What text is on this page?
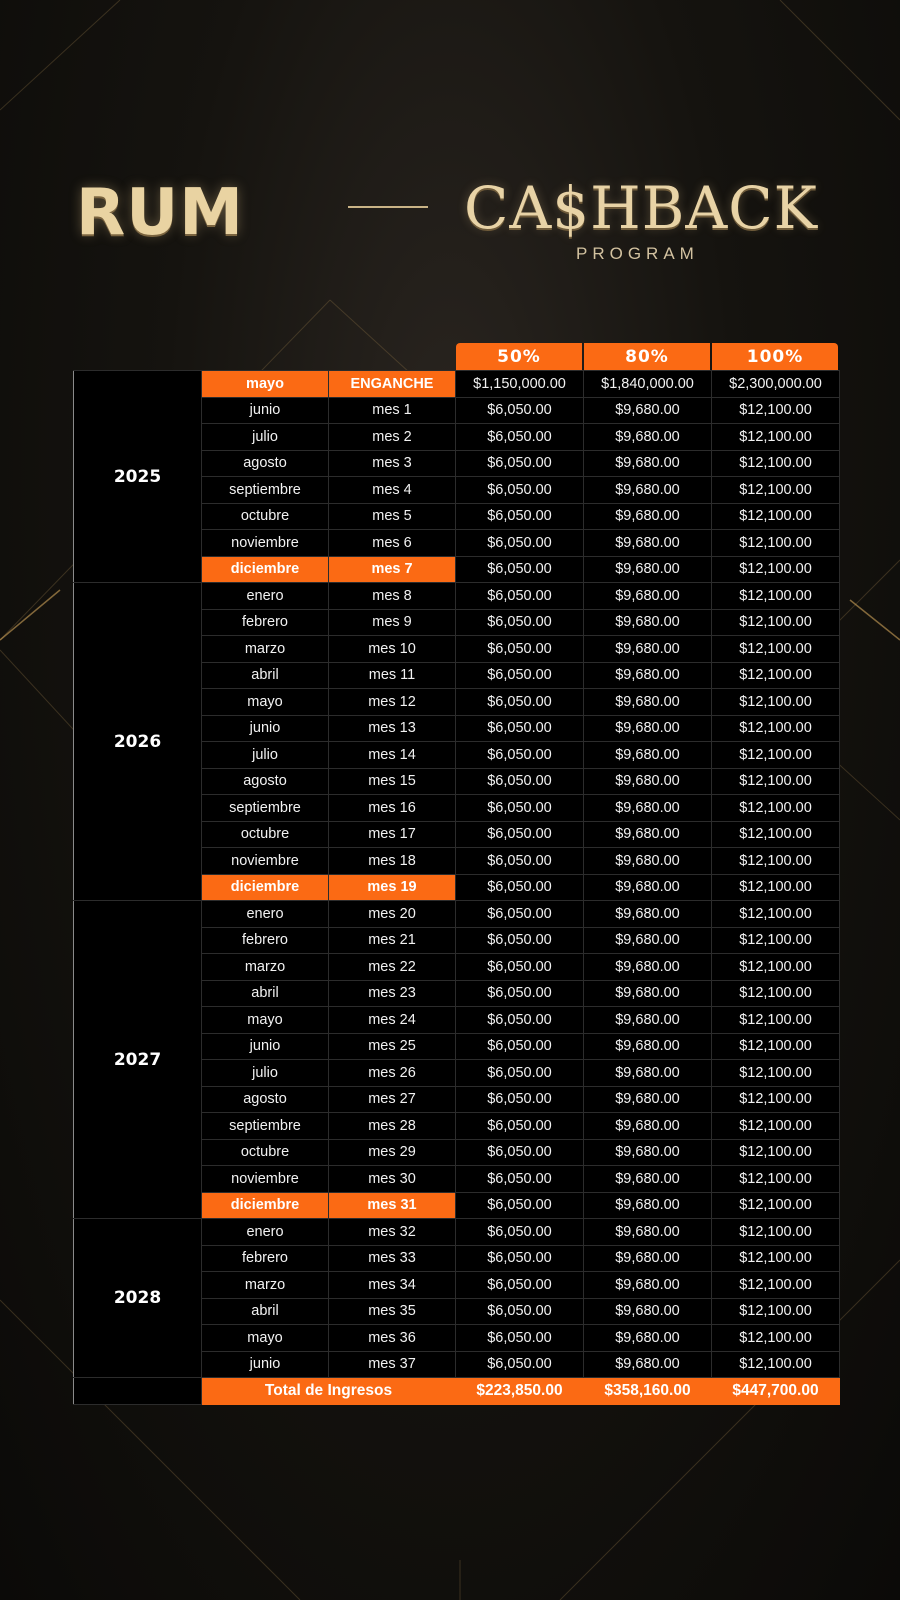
RUM	CA$HBACK
PROGRAM
50%	80%	100%
2025	mayo	ENGANCHE	$1,150,000.00	$1,840,000.00	$2,300,000.00
	junio	mes 1	$6,050.00	$9,680.00	$12,100.00
	julio	mes 2	$6,050.00	$9,680.00	$12,100.00
	agosto	mes 3	$6,050.00	$9,680.00	$12,100.00
	septiembre	mes 4	$6,050.00	$9,680.00	$12,100.00
	octubre	mes 5	$6,050.00	$9,680.00	$12,100.00
	noviembre	mes 6	$6,050.00	$9,680.00	$12,100.00
	diciembre	mes 7	$6,050.00	$9,680.00	$12,100.00
2026	enero	mes 8	$6,050.00	$9,680.00	$12,100.00
	febrero	mes 9	$6,050.00	$9,680.00	$12,100.00
	marzo	mes 10	$6,050.00	$9,680.00	$12,100.00
	abril	mes 11	$6,050.00	$9,680.00	$12,100.00
	mayo	mes 12	$6,050.00	$9,680.00	$12,100.00
	junio	mes 13	$6,050.00	$9,680.00	$12,100.00
	julio	mes 14	$6,050.00	$9,680.00	$12,100.00
	agosto	mes 15	$6,050.00	$9,680.00	$12,100.00
	septiembre	mes 16	$6,050.00	$9,680.00	$12,100.00
	octubre	mes 17	$6,050.00	$9,680.00	$12,100.00
	noviembre	mes 18	$6,050.00	$9,680.00	$12,100.00
	diciembre	mes 19	$6,050.00	$9,680.00	$12,100.00
2027	enero	mes 20	$6,050.00	$9,680.00	$12,100.00
	febrero	mes 21	$6,050.00	$9,680.00	$12,100.00
	marzo	mes 22	$6,050.00	$9,680.00	$12,100.00
	abril	mes 23	$6,050.00	$9,680.00	$12,100.00
	mayo	mes 24	$6,050.00	$9,680.00	$12,100.00
	junio	mes 25	$6,050.00	$9,680.00	$12,100.00
	julio	mes 26	$6,050.00	$9,680.00	$12,100.00
	agosto	mes 27	$6,050.00	$9,680.00	$12,100.00
	septiembre	mes 28	$6,050.00	$9,680.00	$12,100.00
	octubre	mes 29	$6,050.00	$9,680.00	$12,100.00
	noviembre	mes 30	$6,050.00	$9,680.00	$12,100.00
	diciembre	mes 31	$6,050.00	$9,680.00	$12,100.00
2028	enero	mes 32	$6,050.00	$9,680.00	$12,100.00
	febrero	mes 33	$6,050.00	$9,680.00	$12,100.00
	marzo	mes 34	$6,050.00	$9,680.00	$12,100.00
	abril	mes 35	$6,050.00	$9,680.00	$12,100.00
	mayo	mes 36	$6,050.00	$9,680.00	$12,100.00
	junio	mes 37	$6,050.00	$9,680.00	$12,100.00
	Total de Ingresos		$223,850.00	$358,160.00	$447,700.00
